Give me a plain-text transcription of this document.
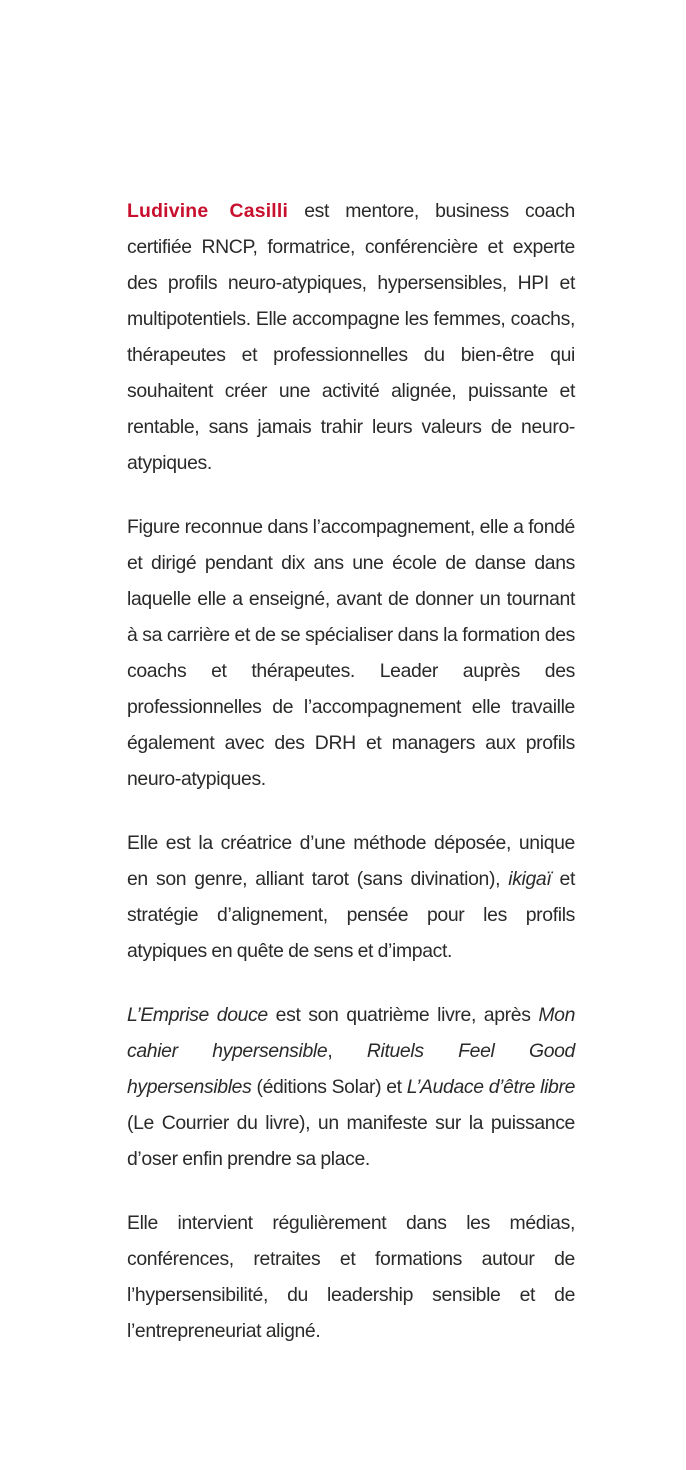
Ludivine Casilli est mentore, business coach certifiée RNCP, formatrice, conférencière et experte des profils neuro-atypiques, hypersensibles, HPI et multipotentiels. Elle accompagne les femmes, coachs, thérapeutes et professionnelles du bien-être qui souhaitent créer une activité alignée, puissante et rentable, sans jamais trahir leurs valeurs de neuro-atypiques.

Figure reconnue dans l’accompagnement, elle a fondé et dirigé pendant dix ans une école de danse dans laquelle elle a enseigné, avant de donner un tournant à sa carrière et de se spécialiser dans la formation des coachs et thérapeutes. Leader auprès des professionnelles de l’accompagnement elle travaille également avec des DRH et managers aux profils neuro-atypiques.

Elle est la créatrice d’une méthode déposée, unique en son genre, alliant tarot (sans divination), ikigaï et stratégie d’alignement, pensée pour les profils atypiques en quête de sens et d’impact.

L’Emprise douce est son quatrième livre, après Mon cahier hypersensible, Rituels Feel Good hypersensibles (éditions Solar) et L’Audace d’être libre (Le Courrier du livre), un manifeste sur la puissance d’oser enfin prendre sa place.

Elle intervient régulièrement dans les médias, conférences, retraites et formations autour de l’hypersensibilité, du leadership sensible et de l’entrepreneuriat aligné.
